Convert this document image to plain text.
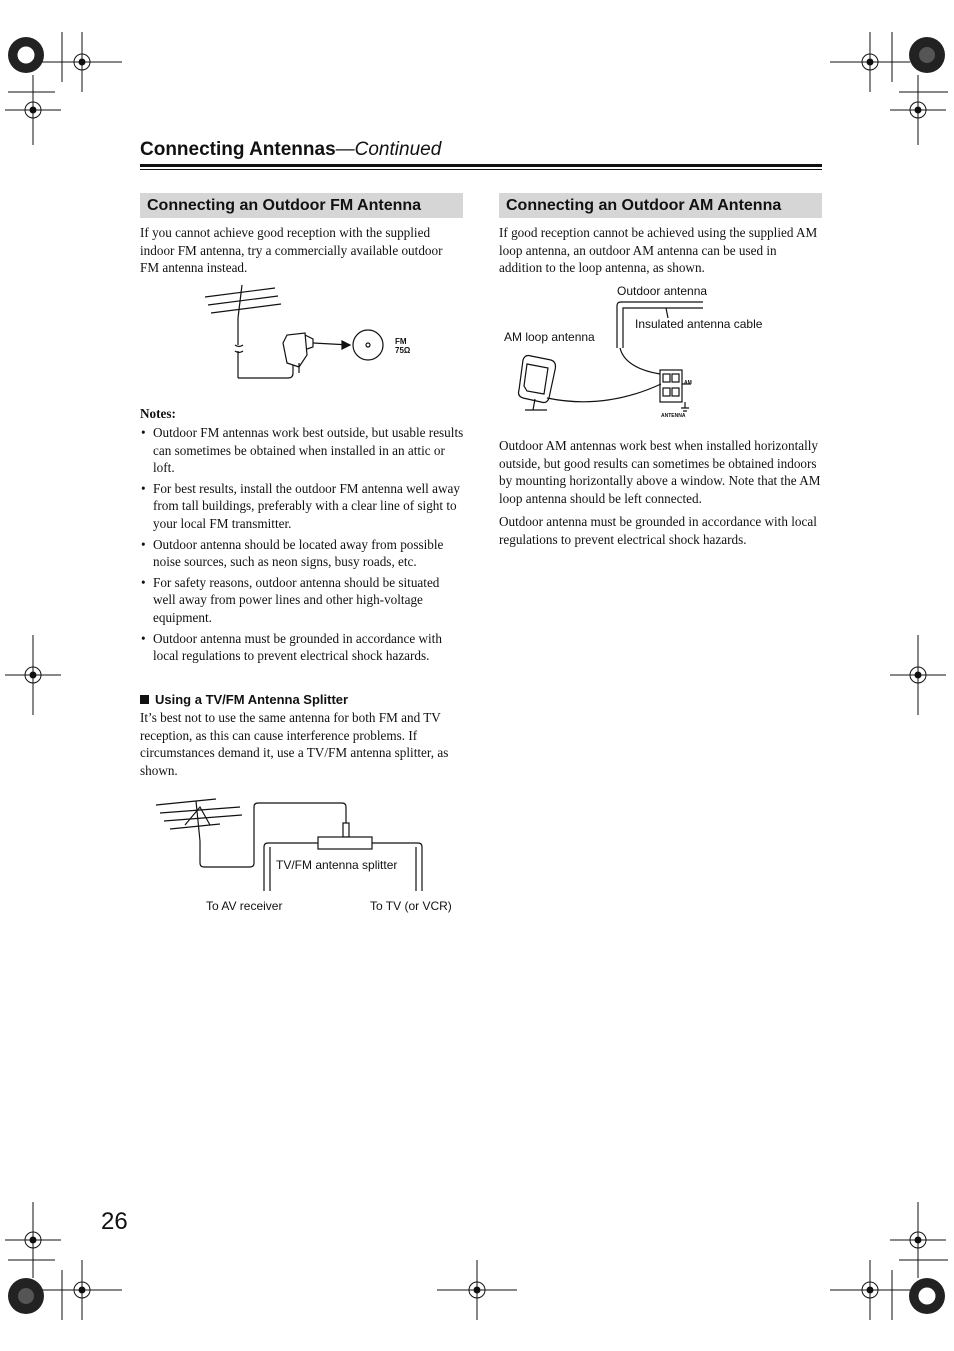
Connecting Antennas—Continued
Connecting an Outdoor FM Antenna
If you cannot achieve good reception with the supplied indoor FM antenna, try a commercially available outdoor FM antenna instead.
FM
75Ω
Notes:
• Outdoor FM antennas work best outside, but usable results can sometimes be obtained when installed in an attic or loft.
• For best results, install the outdoor FM antenna well away from tall buildings, preferably with a clear line of sight to your local FM transmitter.
• Outdoor antenna should be located away from possible noise sources, such as neon signs, busy roads, etc.
• For safety reasons, outdoor antenna should be situated well away from power lines and other high-voltage equipment.
• Outdoor antenna must be grounded in accordance with local regulations to prevent electrical shock hazards.
Using a TV/FM Antenna Splitter
It’s best not to use the same antenna for both FM and TV reception, as this can cause interference problems. If circumstances demand it, use a TV/FM antenna splitter, as shown.
TV/FM antenna splitter
To AV receiver	To TV (or VCR)
Connecting an Outdoor AM Antenna
If good reception cannot be achieved using the supplied AM loop antenna, an outdoor AM antenna can be used in addition to the loop antenna, as shown.
Outdoor antenna
Insulated antenna cable
AM loop antenna
AM
ANTENNA
Outdoor AM antennas work best when installed horizontally outside, but good results can sometimes be obtained indoors by mounting horizontally above a window. Note that the AM loop antenna should be left connected.
Outdoor antenna must be grounded in accordance with local regulations to prevent electrical shock hazards.
26
